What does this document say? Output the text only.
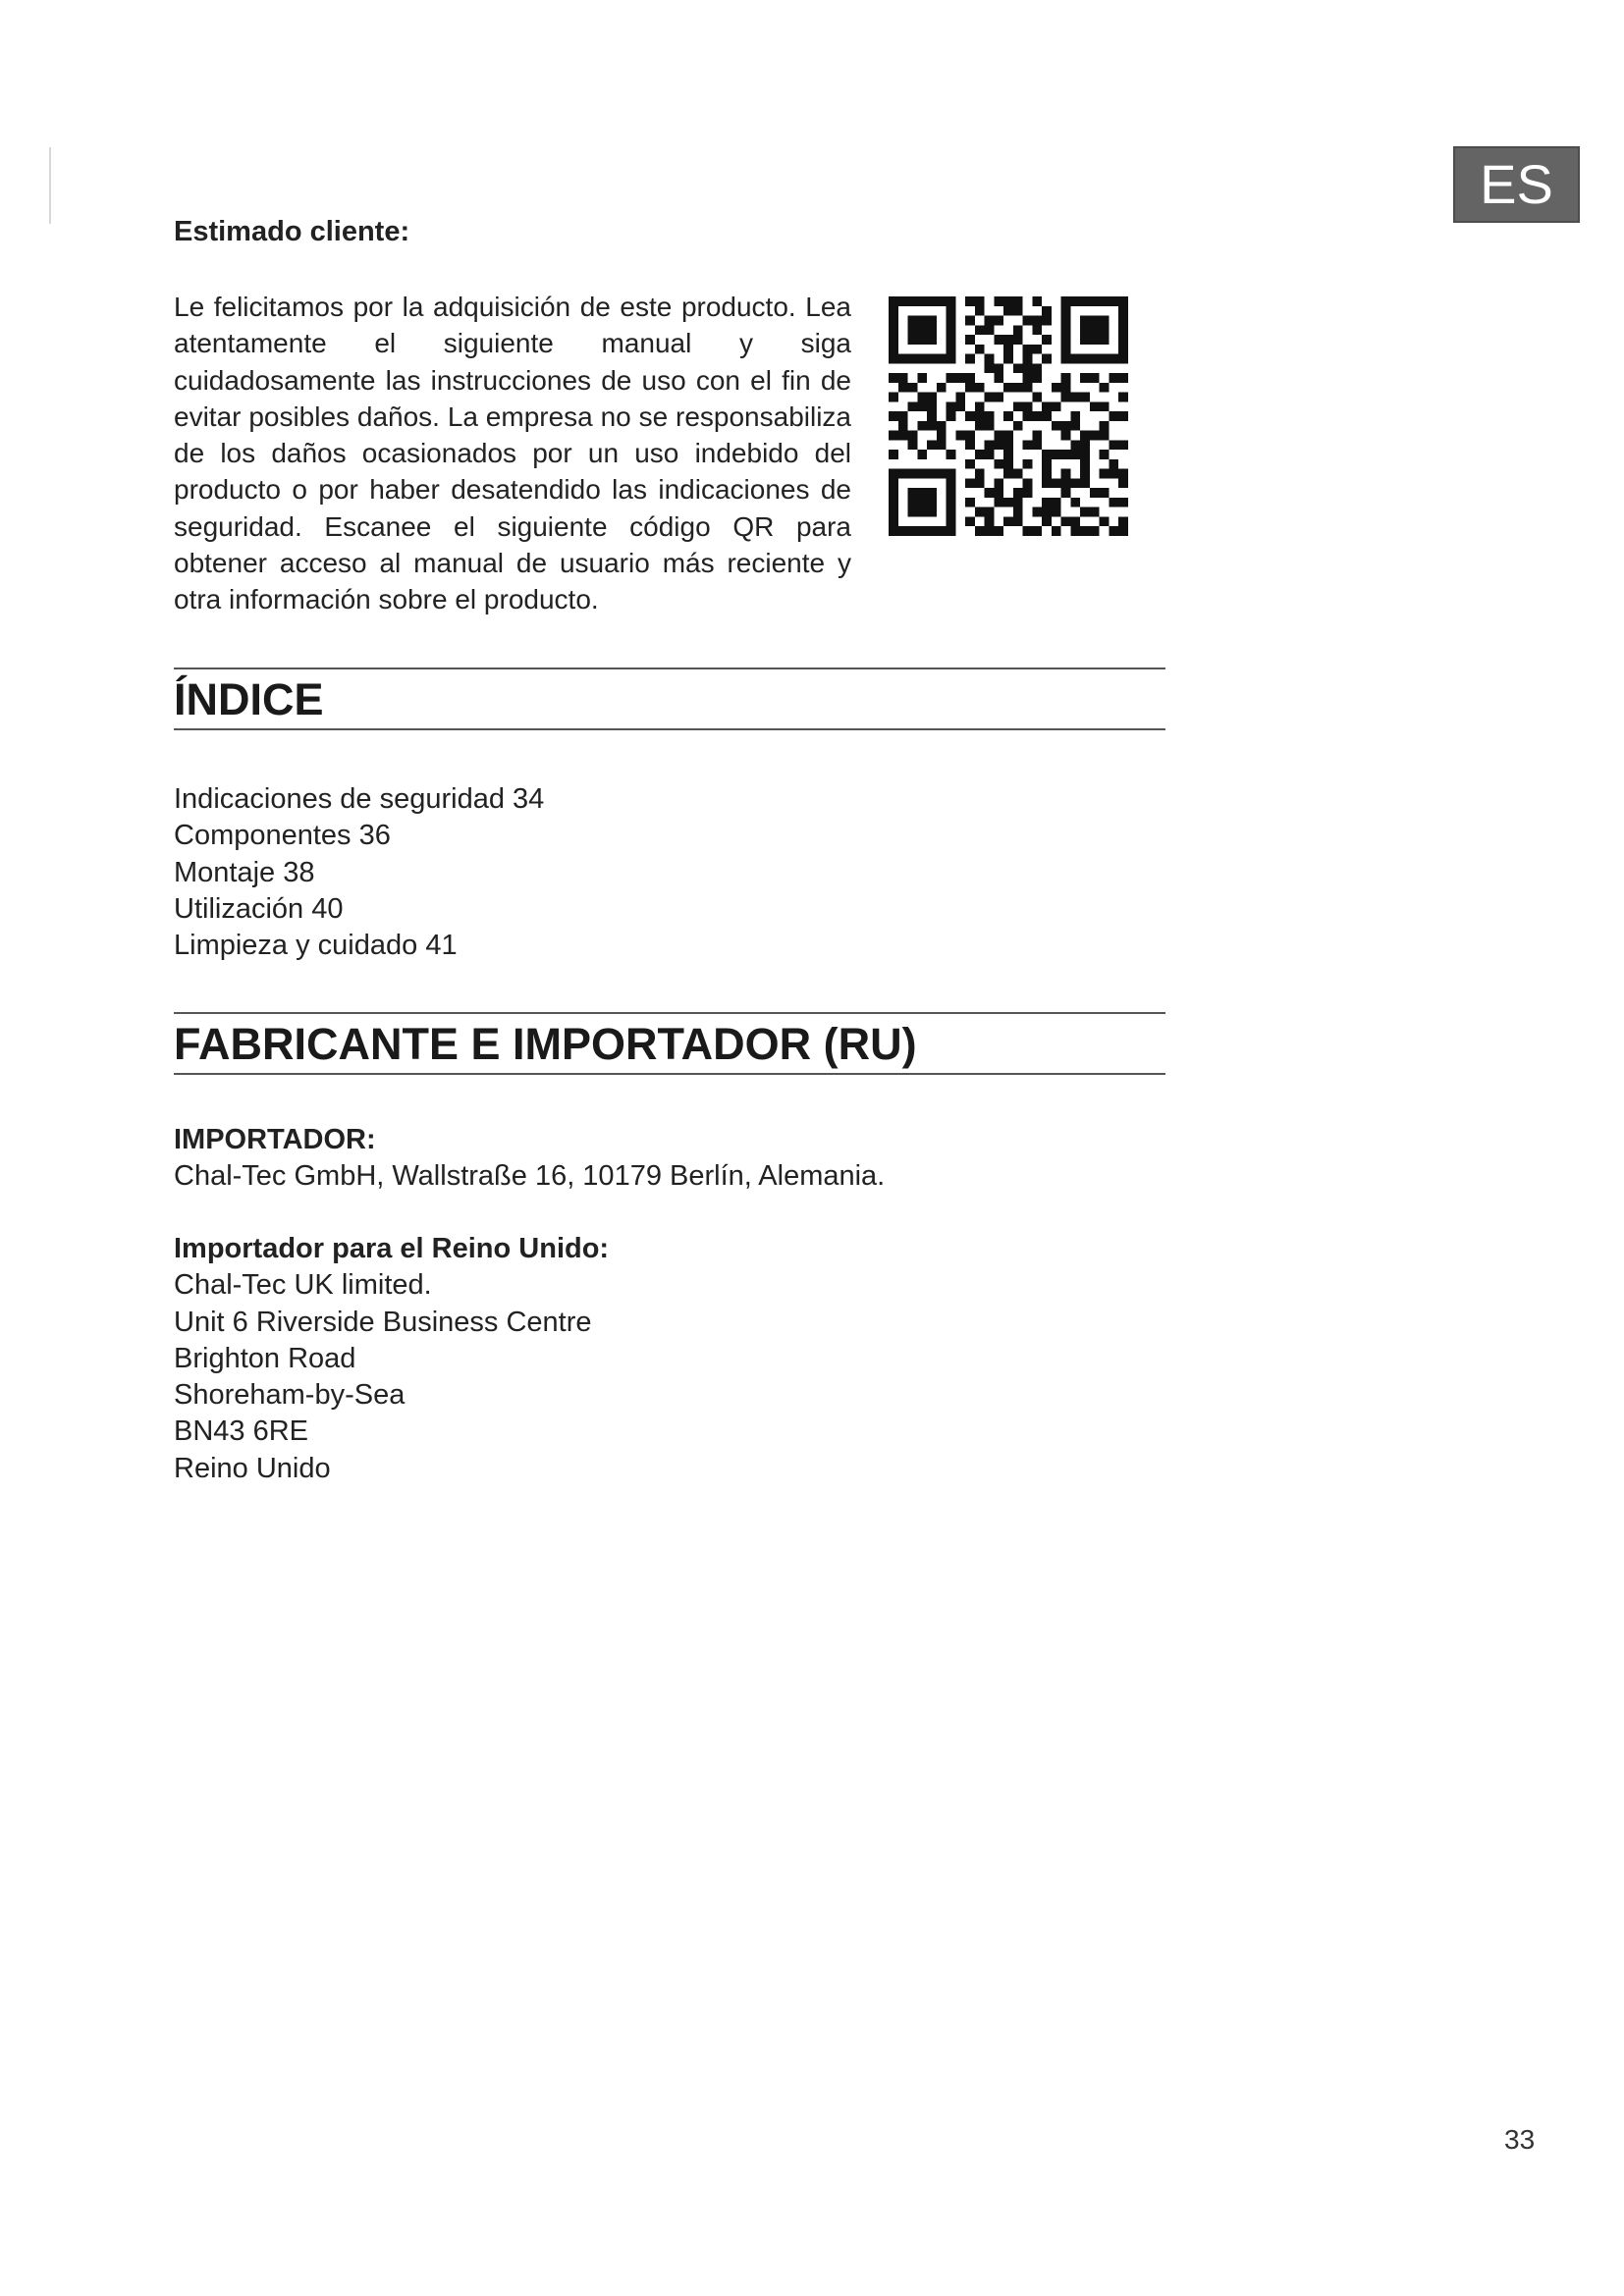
ES
Estimado cliente:

Le felicitamos por la adquisición de este producto. Lea atentamente el siguiente manual y siga cuidadosamente las instrucciones de uso con el fin de evitar posibles daños. La empresa no se responsabiliza de los daños ocasionados por un uso indebido del producto o por haber desatendido las indicaciones de seguridad. Escanee el siguiente código QR para obtener acceso al manual de usuario más reciente y otra información sobre el producto.

ÍNDICE
Indicaciones de seguridad 34
Componentes 36
Montaje 38
Utilización 40
Limpieza y cuidado 41
FABRICANTE E IMPORTADOR (RU)
IMPORTADOR:
Chal-Tec GmbH, Wallstraße 16, 10179 Berlín, Alemania.
Importador para el Reino Unido:
Chal-Tec UK limited.
Unit 6 Riverside Business Centre
Brighton Road
Shoreham-by-Sea
BN43 6RE
Reino Unido
33
